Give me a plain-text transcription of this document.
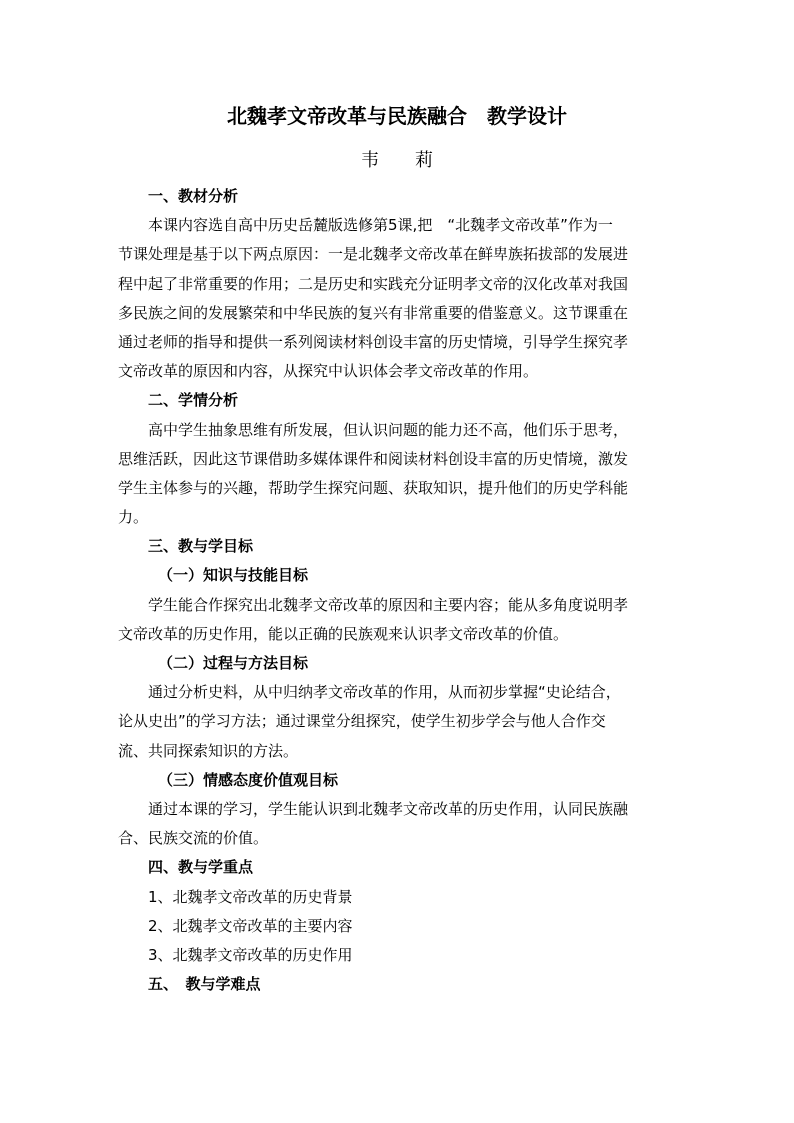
北魏孝文帝改革与民族融合　教学设计
韦　　莉
一、教材分析
本课内容选自高中历史岳麓版选修第5课,把　“北魏孝文帝改革”作为一
节课处理是基于以下两点原因：一是北魏孝文帝改革在鲜卑族拓拔部的发展进
程中起了非常重要的作用；二是历史和实践充分证明孝文帝的汉化改革对我国
多民族之间的发展繁荣和中华民族的复兴有非常重要的借鉴意义。这节课重在
通过老师的指导和提供一系列阅读材料创设丰富的历史情境，引导学生探究孝
文帝改革的原因和内容，从探究中认识体会孝文帝改革的作用。
二、学情分析
高中学生抽象思维有所发展，但认识问题的能力还不高，他们乐于思考，
思维活跃，因此这节课借助多媒体课件和阅读材料创设丰富的历史情境，激发
学生主体参与的兴趣，帮助学生探究问题、获取知识，提升他们的历史学科能
力。
三、教与学目标
（一）知识与技能目标
学生能合作探究出北魏孝文帝改革的原因和主要内容；能从多角度说明孝
文帝改革的历史作用，能以正确的民族观来认识孝文帝改革的价值。
（二）过程与方法目标
通过分析史料，从中归纳孝文帝改革的作用，从而初步掌握“史论结合，
论从史出”的学习方法；通过课堂分组探究，使学生初步学会与他人合作交
流、共同探索知识的方法。
（三）情感态度价值观目标
通过本课的学习，学生能认识到北魏孝文帝改革的历史作用，认同民族融
合、民族交流的价值。
四、教与学重点
1、北魏孝文帝改革的历史背景
2、北魏孝文帝改革的主要内容
3、北魏孝文帝改革的历史作用
五、　教与学难点
